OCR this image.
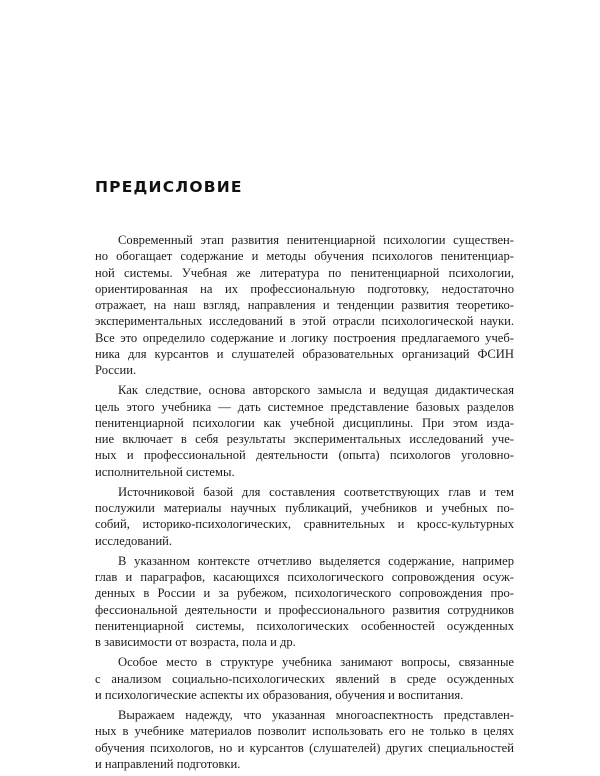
ПРЕДИСЛОВИЕ

Современный этап развития пенитенциарной психологии существен-
но обогащает содержание и методы обучения психологов пенитенциар-
ной системы. Учебная же литература по пенитенциарной психологии,
ориентированная на их профессиональную подготовку, недостаточно
отражает, на наш взгляд, направления и тенденции развития теоретико-
экспериментальных исследований в этой отрасли психологической науки.
Все это определило содержание и логику построения предлагаемого учеб-
ника для курсантов и слушателей образовательных организаций ФСИН
России.

Как следствие, основа авторского замысла и ведущая дидактическая
цель этого учебника — дать системное представление базовых разделов
пенитенциарной психологии как учебной дисциплины. При этом изда-
ние включает в себя результаты экспериментальных исследований уче-
ных и профессиональной деятельности (опыта) психологов уголовно-
исполнительной системы.

Источниковой базой для составления соответствующих глав и тем
послужили материалы научных публикаций, учебников и учебных по-
собий, историко-психологических, сравнительных и кросс-культурных
исследований.

В указанном контексте отчетливо выделяется содержание, например
глав и параграфов, касающихся психологического сопровождения осуж-
денных в России и за рубежом, психологического сопровождения про-
фессиональной деятельности и профессионального развития сотрудников
пенитенциарной системы, психологических особенностей осужденных
в зависимости от возраста, пола и др.

Особое место в структуре учебника занимают вопросы, связанные
с анализом социально-психологических явлений в среде осужденных
и психологические аспекты их образования, обучения и воспитания.

Выражаем надежду, что указанная многоаспектность представлен-
ных в учебнике материалов позволит использовать его не только в целях
обучения психологов, но и курсантов (слушателей) других специальностей
и направлений подготовки.
